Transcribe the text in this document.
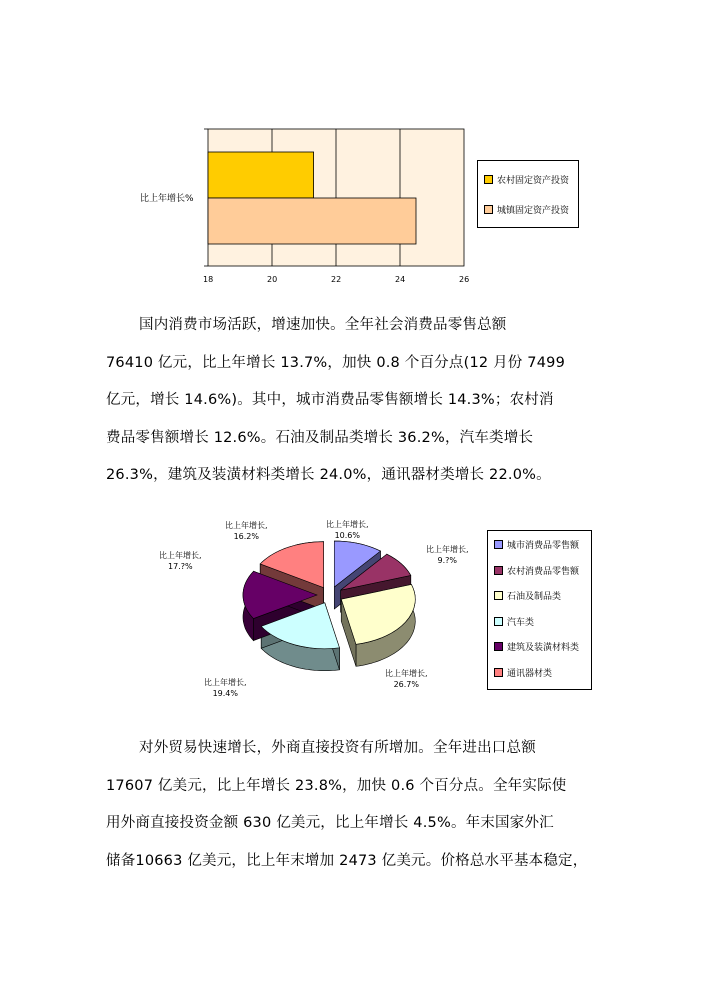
比上年增长%
18	20	22	24	26
农村固定资产投资
城镇固定资产投资
国内消费市场活跃，增速加快。全年社会消费品零售总额
76410 亿元，比上年增长 13.7%，加快 0.8 个百分点(12 月份 7499
亿元，增长 14.6%)。其中，城市消费品零售额增长 14.3%；农村消
费品零售额增长 12.6%。石油及制品类增长 36.2%，汽车类增长
26.3%，建筑及装潢材料类增长 24.0%，通讯器材类增长 22.0%。
比上年增长,
10.6%
比上年增长,
9.?%
比上年增长,
26.7%
比上年增长,
19.4%
比上年增长,
17.?%
比上年增长,
16.2%
城市消费品零售额
农村消费品零售额
石油及制品类
汽车类
建筑及装潢材料类
通讯器材类
对外贸易快速增长，外商直接投资有所增加。全年进出口总额
17607 亿美元，比上年增长 23.8%，加快 0.6 个百分点。全年实际使
用外商直接投资金额 630 亿美元，比上年增长 4.5%。年末国家外汇
储备10663 亿美元，比上年末增加 2473 亿美元。价格总水平基本稳定，
